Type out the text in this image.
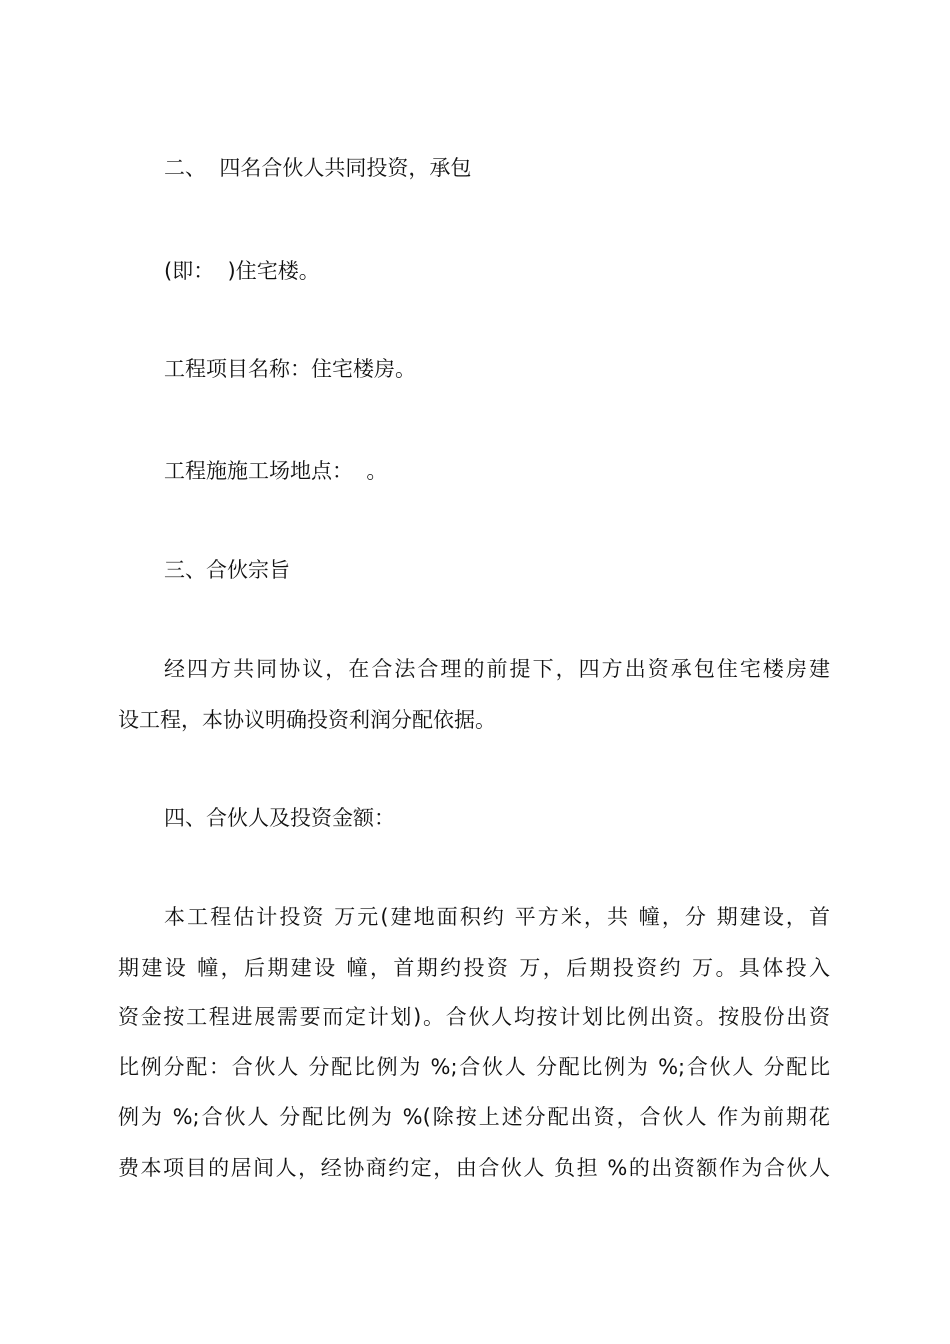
二、  四名合伙人共同投资，承包
(即：  )住宅楼。
工程项目名称：住宅楼房。
工程施施工场地点：  。
三、合伙宗旨
经四方共同协议，在合法合理的前提下，四方出资承包住宅楼房建
设工程，本协议明确投资利润分配依据。
四、合伙人及投资金额：
本工程估计投资 万元(建地面积约 平方米，共 幢，分 期建设，首
期建设 幢，后期建设 幢，首期约投资 万，后期投资约 万。具体投入
资金按工程进展需要而定计划)。合伙人均按计划比例出资。按股份出资
比例分配：合伙人 分配比例为 %;合伙人 分配比例为 %;合伙人 分配比
例为 %;合伙人 分配比例为 %(除按上述分配出资，合伙人 作为前期花
费本项目的居间人，经协商约定，由合伙人 负担 %的出资额作为合伙人
